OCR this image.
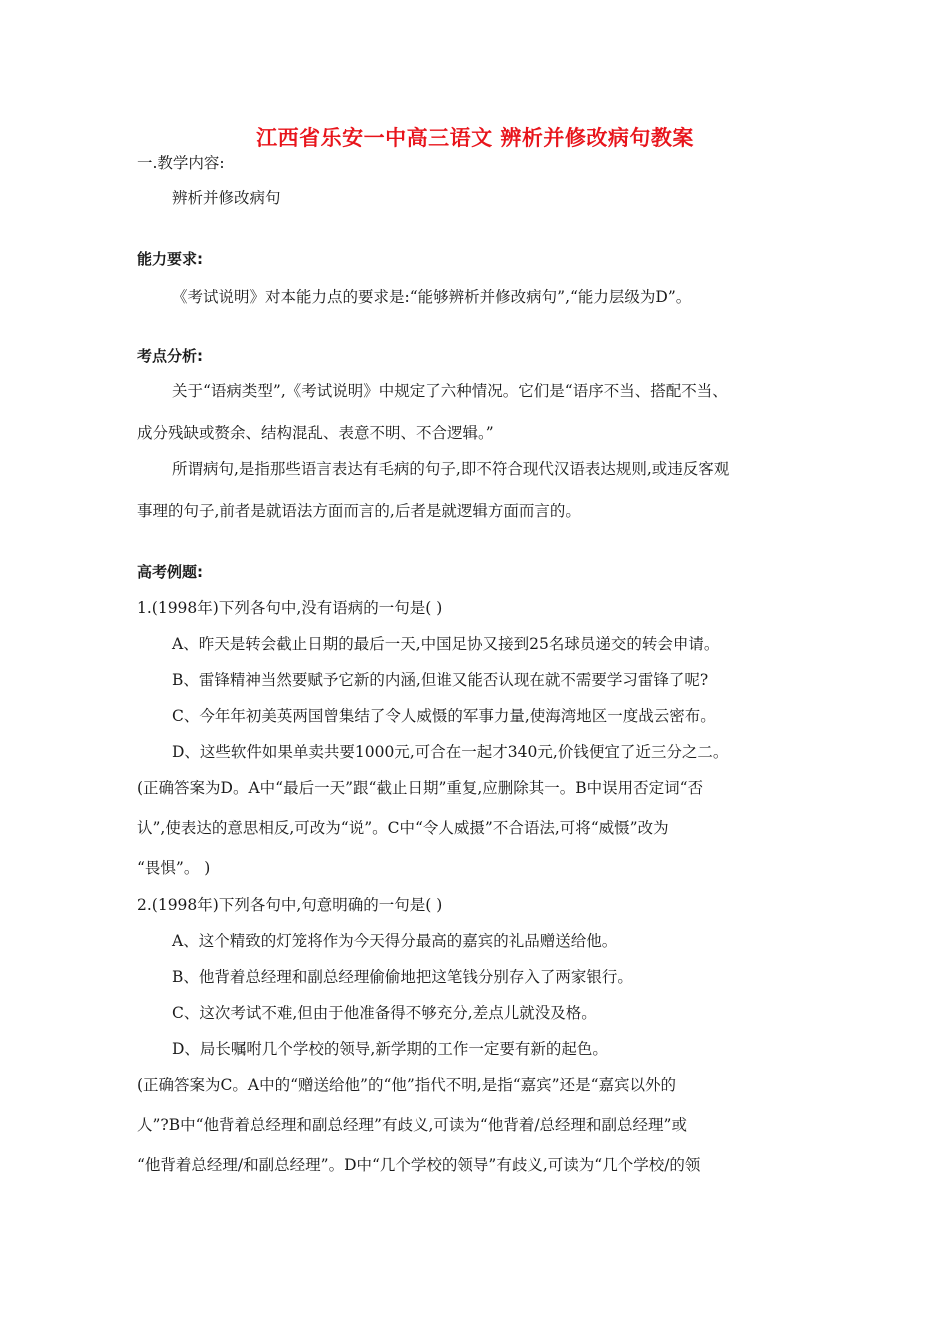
江西省乐安一中高三语文 辨析并修改病句教案
一.教学内容:
辨析并修改病句
能力要求:
《考试说明》对本能力点的要求是:“能够辨析并修改病句”,“能力层级为D”。
考点分析:
关于“语病类型”,《考试说明》中规定了六种情况。它们是“语序不当、搭配不当、
成分残缺或赘余、结构混乱、表意不明、不合逻辑。”
所谓病句,是指那些语言表达有毛病的句子,即不符合现代汉语表达规则,或违反客观
事理的句子,前者是就语法方面而言的,后者是就逻辑方面而言的。
高考例题:
1.(1998年)下列各句中,没有语病的一句是( )
A、昨天是转会截止日期的最后一天,中国足协又接到25名球员递交的转会申请。
B、雷锋精神当然要赋予它新的内涵,但谁又能否认现在就不需要学习雷锋了呢?
C、今年年初美英两国曾集结了令人威慑的军事力量,使海湾地区一度战云密布。
D、这些软件如果单卖共要1000元,可合在一起才340元,价钱便宜了近三分之二。
(正确答案为D。A中“最后一天”跟“截止日期”重复,应删除其一。B中误用否定词“否
认”,使表达的意思相反,可改为“说”。C中“令人威摄”不合语法,可将“威慑”改为
“畏惧”。 )
2.(1998年)下列各句中,句意明确的一句是( )
A、这个精致的灯笼将作为今天得分最高的嘉宾的礼品赠送给他。
B、他背着总经理和副总经理偷偷地把这笔钱分别存入了两家银行。
C、这次考试不难,但由于他准备得不够充分,差点儿就没及格。
D、局长嘱咐几个学校的领导,新学期的工作一定要有新的起色。
(正确答案为C。A中的“赠送给他”的“他”指代不明,是指“嘉宾”还是“嘉宾以外的
人”?B中“他背着总经理和副总经理”有歧义,可读为“他背着/总经理和副总经理”或
“他背着总经理/和副总经理”。D中“几个学校的领导”有歧义,可读为“几个学校/的领
